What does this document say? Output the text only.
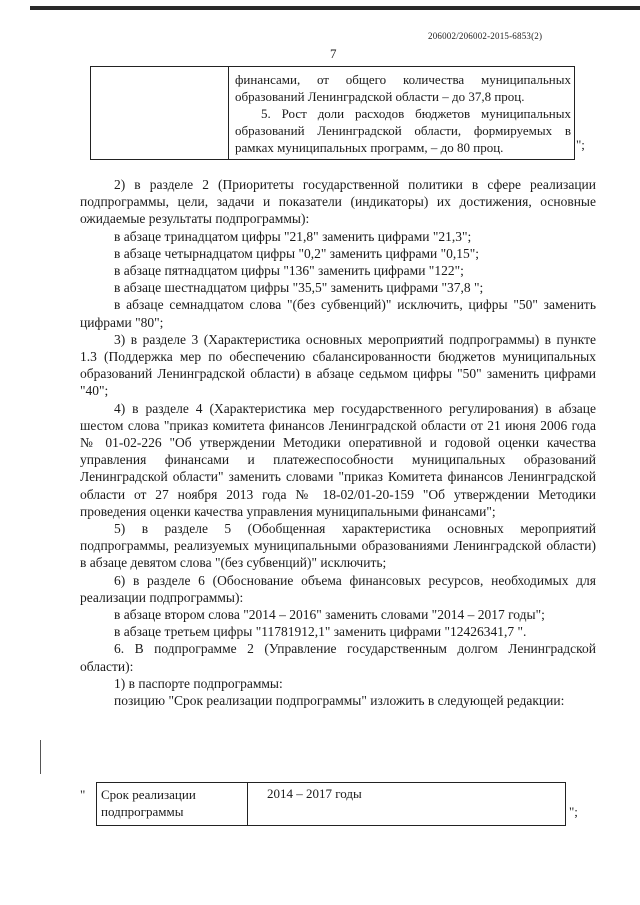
206002/206002-2015-6853(2)
7

финансами, от общего количества муниципальных образований Ленинградской области – до 37,8 проц.

5. Рост доли расходов бюджетов муниципальных образований Ленинградской области, формируемых в рамках муниципальных программ, – до 80 проц.	";

2) в разделе 2 (Приоритеты государственной политики в сфере реализации подпрограммы, цели, задачи и показатели (индикаторы) их достижения, основные ожидаемые результаты подпрограммы):

в абзаце тринадцатом цифры "21,8" заменить цифрами "21,3";

в абзаце четырнадцатом цифры "0,2" заменить цифрами "0,15";

в абзаце пятнадцатом цифры "136" заменить цифрами "122";

в абзаце шестнадцатом цифры "35,5" заменить цифрами "37,8 ";

в абзаце семнадцатом слова "(без субвенций)" исключить, цифры "50" заменить цифрами "80";

3) в разделе 3 (Характеристика основных мероприятий подпрограммы) в пункте 1.3 (Поддержка мер по обеспечению сбалансированности бюджетов муниципальных образований Ленинградской области) в абзаце седьмом цифры "50" заменить цифрами "40";

4) в разделе 4 (Характеристика мер государственного регулирования) в абзаце шестом слова "приказ комитета финансов Ленинградской области от 21 июня 2006 года № 01-02-226 "Об утверждении Методики оперативной и годовой оценки качества управления финансами и платежеспособности муниципальных образований Ленинградской области" заменить словами "приказ Комитета финансов Ленинградской области от 27 ноября 2013 года № 18-02/01-20-159 "Об утверждении Методики проведения оценки качества управления муниципальными финансами";

5) в разделе 5 (Обобщенная характеристика основных мероприятий подпрограммы, реализуемых муниципальными образованиями Ленинградской области) в абзаце девятом слова "(без субвенций)" исключить;

6) в разделе 6 (Обоснование объема финансовых ресурсов, необходимых для реализации подпрограммы):

в абзаце втором слова "2014 – 2016" заменить словами "2014 – 2017 годы";

в абзаце третьем цифры "11781912,1" заменить цифрами "12426341,7 ".

6. В подпрограмме 2 (Управление государственным долгом Ленинградской области):

1) в паспорте подпрограммы:

позицию "Срок реализации подпрограммы" изложить в следующей редакции:

" Срок реализации подпрограммы
2014 – 2017 годы
";
